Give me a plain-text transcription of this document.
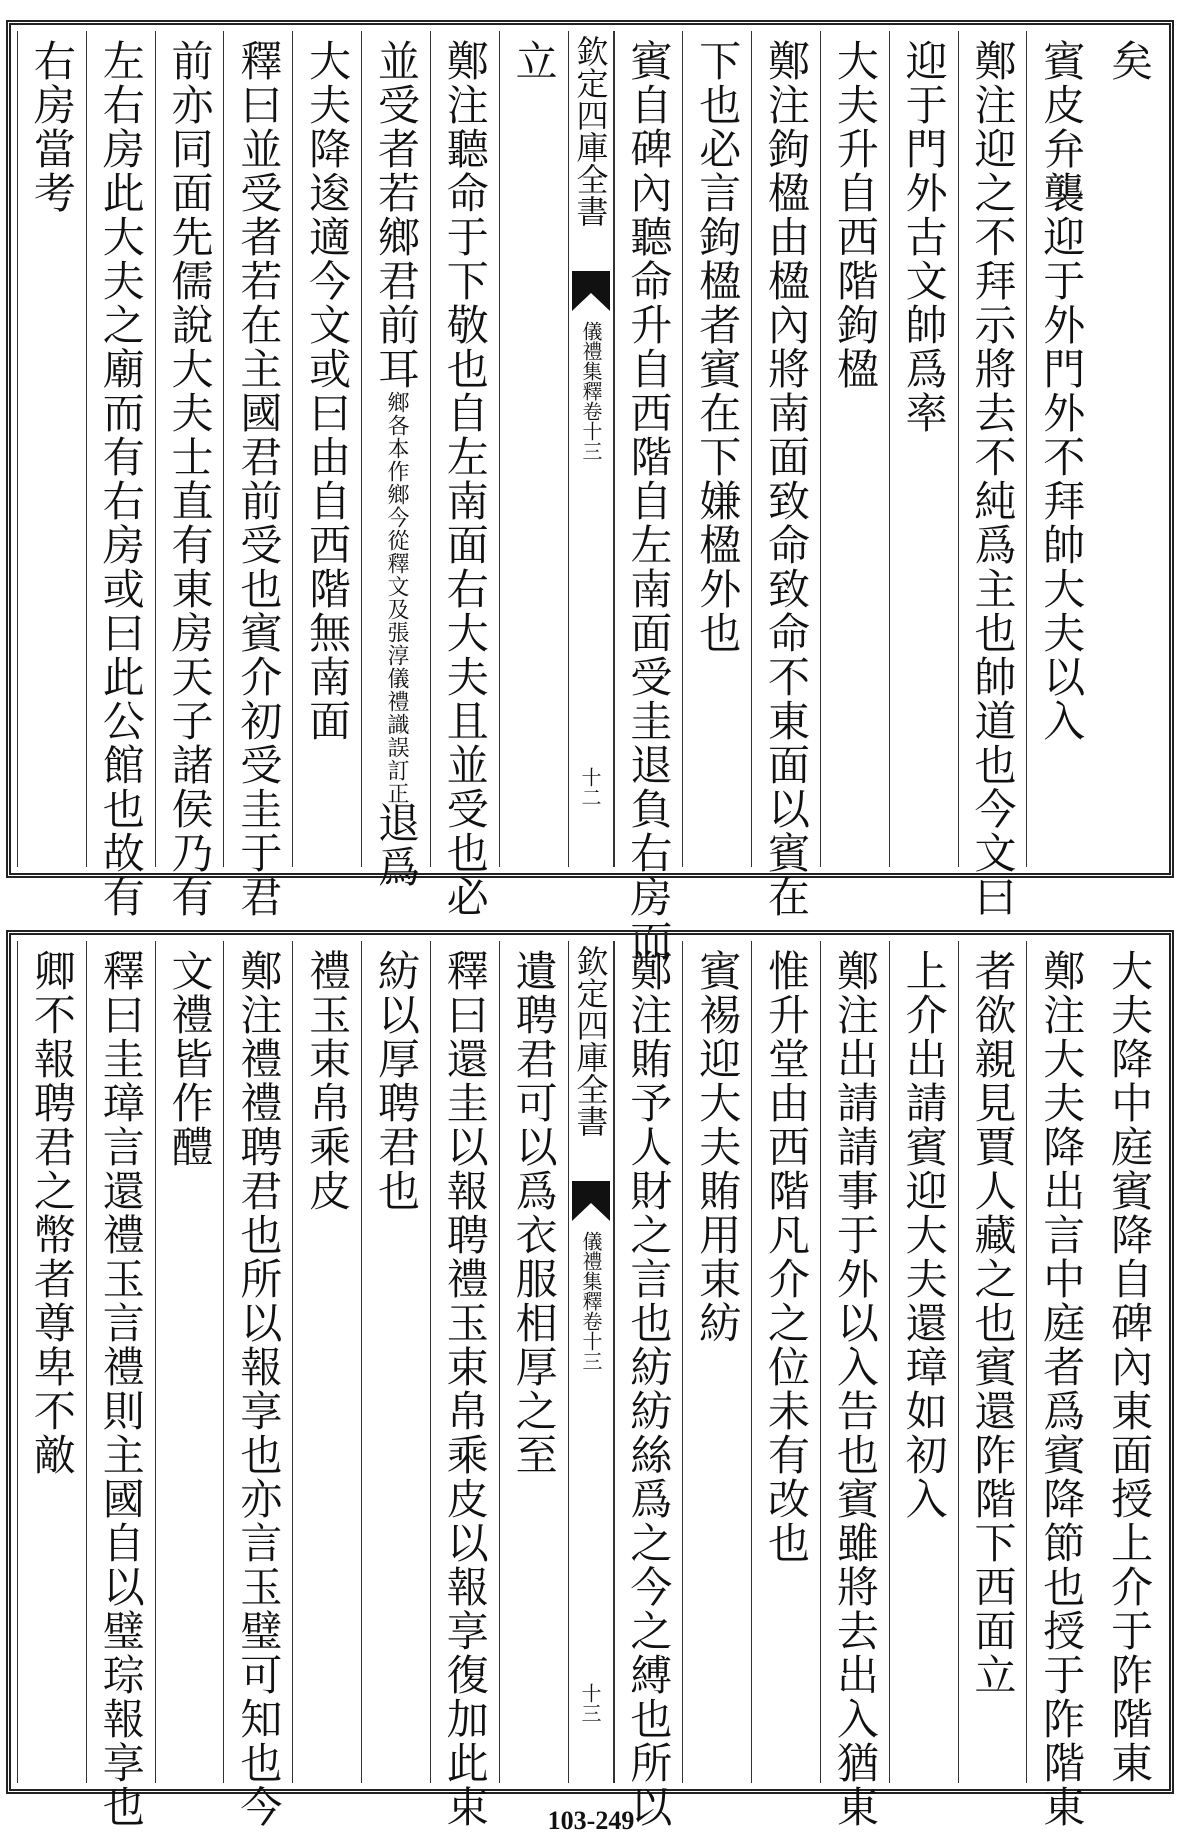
矣
賓皮弁襲迎于外門外不拜帥大夫以入
鄭注迎之不拜示將去不純爲主也帥道也今文曰
迎于門外古文帥爲率
大夫升自西階鉤楹
鄭注鉤楹由楹內將南面致命致命不東面以賓在
下也必言鉤楹者賓在下嫌楹外也
賓自碑內聽命升自西階自左南面受圭退負右房而
欽定四庫全書
儀禮集釋卷十三
十二
立
鄭注聽命于下敬也自左南面右大夫且並受也必
並受者若鄉君前耳
鄉各本作鄉今從釋文及張淳儀禮識誤訂正
退爲
大夫降逡適今文或曰由自西階無南面
釋曰並受者若在主國君前受也賓介初受圭于君
前亦同面先儒說大夫士直有東房天子諸侯乃有
左右房此大夫之廟而有右房或曰此公館也故有
右房當考
大夫降中庭賓降自碑內東面授上介于阼階東
鄭注大夫降出言中庭者爲賓降節也授于阼階東
者欲親見賈人藏之也賓還阼階下西面立
上介出請賓迎大夫還璋如初入
鄭注出請請事于外以入告也賓雖將去出入猶東
惟升堂由西階凡介之位未有改也
賓裼迎大夫賄用束紡
鄭注賄予人財之言也紡紡絲爲之今之縛也所以
欽定四庫全書
儀禮集釋卷十三
十三
遺聘君可以爲衣服相厚之至
釋曰還圭以報聘禮玉束帛乘皮以報享復加此束
紡以厚聘君也
禮玉束帛乘皮
鄭注禮禮聘君也所以報享也亦言玉璧可知也今
文禮皆作醴
釋曰圭璋言還禮玉言禮則主國自以璧琮報享也
卿不報聘君之幣者尊卑不敵
103-249
